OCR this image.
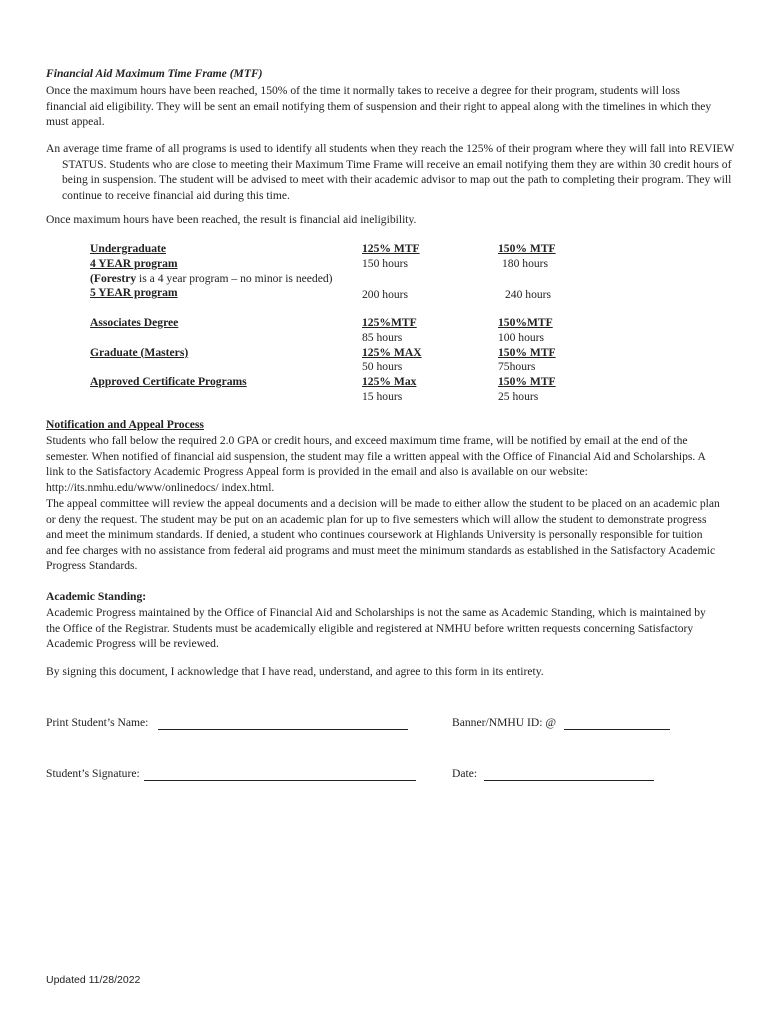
Financial Aid Maximum Time Frame (MTF)

Once the maximum hours have been reached, 150% of the time it normally takes to receive a degree for their program, students will loss financial aid eligibility. They will be sent an email notifying them of suspension and their right to appeal along with the timelines in which they must appeal.

An average time frame of all programs is used to identify all students when they reach the 125% of their program where they will fall into REVIEW STATUS. Students who are close to meeting their Maximum Time Frame will receive an email notifying them they are within 30 credit hours of being in suspension. The student will be advised to meet with their academic advisor to map out the path to completing their program. They will continue to receive financial aid during this time.

Once maximum hours have been reached, the result is financial aid ineligibility.

Undergraduate
4 YEAR program
(Forestry is a 4 year program – no minor is needed)
5 YEAR program
Associates Degree
Graduate (Masters)
Approved Certificate Programs
125% MTF
150 hours
200 hours
125%MTF
85 hours
125% MAX
50 hours
125% Max
15 hours
150% MTF
180 hours
240 hours
150%MTF
100 hours
150% MTF
75hours
150% MTF
25 hours
Notification and Appeal Process

Students who fall below the required 2.0 GPA or credit hours, and exceed maximum time frame, will be notified by email at the end of the semester. When notified of financial aid suspension, the student may file a written appeal with the Office of Financial Aid and Scholarships. A link to the Satisfactory Academic Progress Appeal form is provided in the email and also is available on our website: http://its.nmhu.edu/www/onlinedocs/ index.html.

The appeal committee will review the appeal documents and a decision will be made to either allow the student to be placed on an academic plan or deny the request. The student may be put on an academic plan for up to five semesters which will allow the student to demonstrate progress and meet the minimum standards. If denied, a student who continues coursework at Highlands University is personally responsible for tuition and fee charges with no assistance from federal aid programs and must meet the minimum standards as established in the Satisfactory Academic Progress Standards.

Academic Standing:

Academic Progress maintained by the Office of Financial Aid and Scholarships is not the same as Academic Standing, which is maintained by the Office of the Registrar. Students must be academically eligible and registered at NMHU before written requests concerning Satisfactory Academic Progress will be reviewed.

By signing this document, I acknowledge that I have read, understand, and agree to this form in its entirety.

Print Student’s Name:	Banner/NMHU ID: @
Student’s Signature:	Date:
Updated 11/28/2022
